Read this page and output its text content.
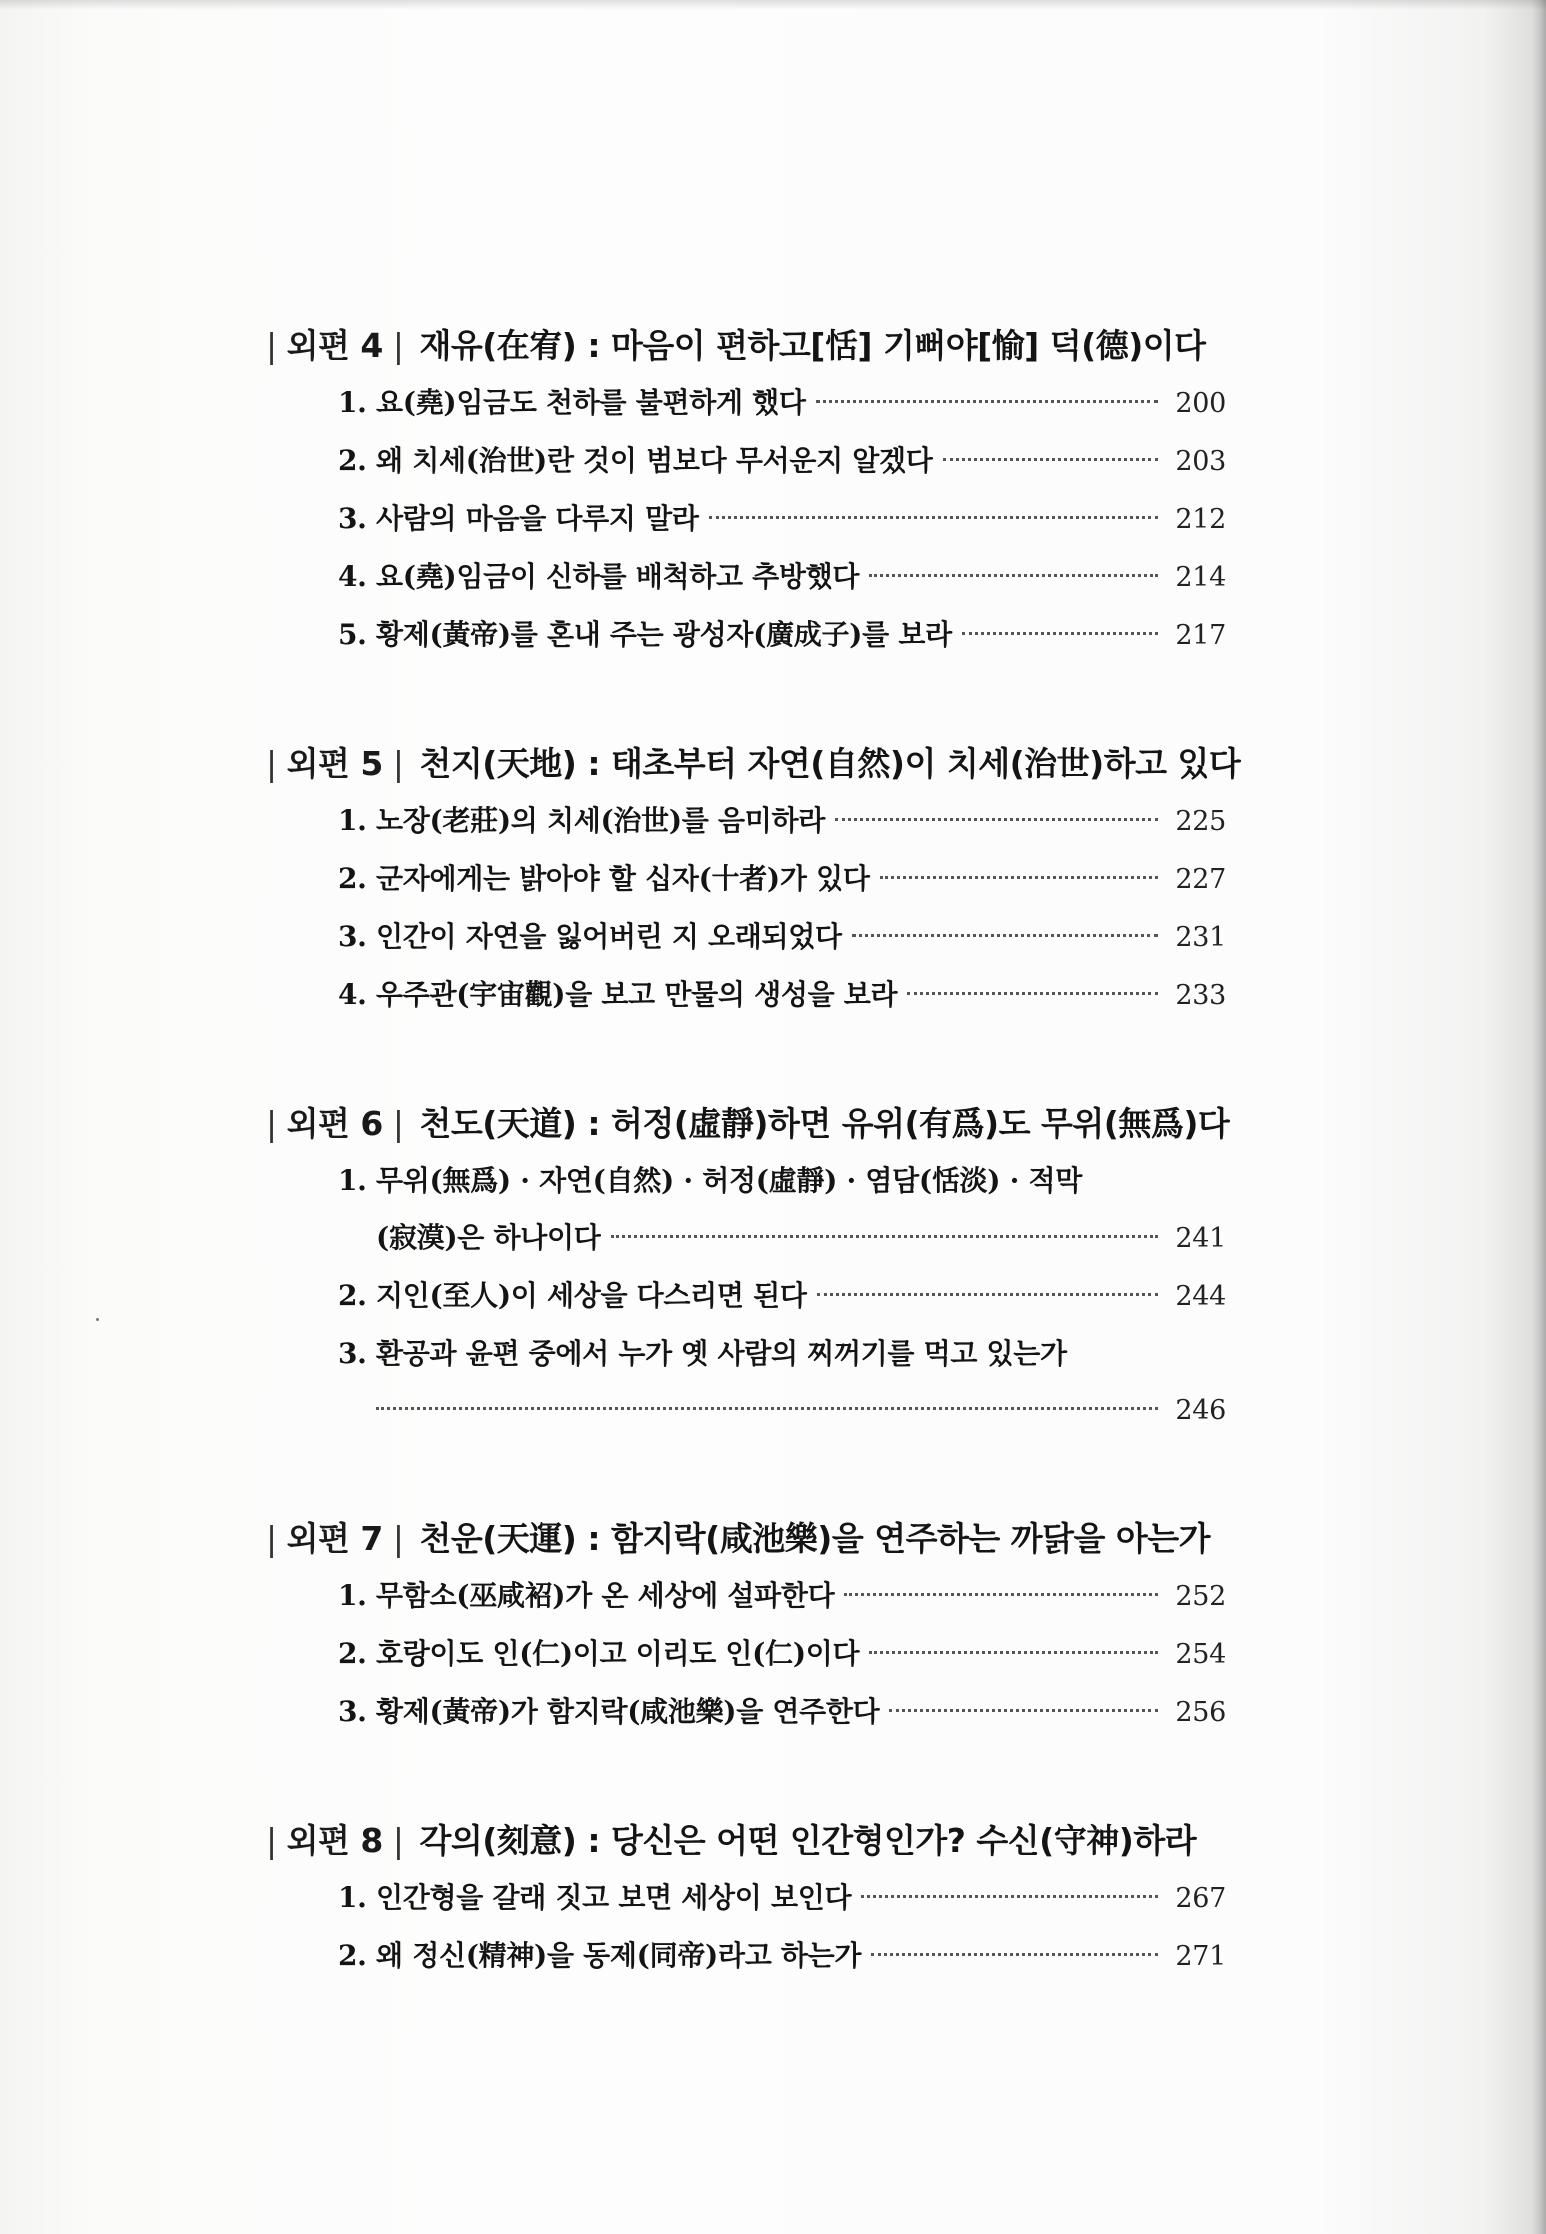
| 외편 4 | 재유(在宥) : 마음이 편하고[恬] 기뻐야[愉] 덕(德)이다
1. 요(堯)임금도 천하를 불편하게 했다	200
2. 왜 치세(治世)란 것이 범보다 무서운지 알겠다	203
3. 사람의 마음을 다루지 말라	212
4. 요(堯)임금이 신하를 배척하고 추방했다	214
5. 황제(黃帝)를 혼내 주는 광성자(廣成子)를 보라	217
| 외편 5 | 천지(天地) : 태초부터 자연(自然)이 치세(治世)하고 있다
1. 노장(老莊)의 치세(治世)를 음미하라	225
2. 군자에게는 밝아야 할 십자(十者)가 있다	227
3. 인간이 자연을 잃어버린 지 오래되었다	231
4. 우주관(宇宙觀)을 보고 만물의 생성을 보라	233
| 외편 6 | 천도(天道) : 허정(虛靜)하면 유위(有爲)도 무위(無爲)다
1. 무위(無爲) · 자연(自然) · 허정(虛靜) · 염담(恬淡) · 적막
(寂漠)은 하나이다	241
2. 지인(至人)이 세상을 다스리면 된다	244
3. 환공과 윤편 중에서 누가 옛 사람의 찌꺼기를 먹고 있는가
246
| 외편 7 | 천운(天運) : 함지락(咸池樂)을 연주하는 까닭을 아는가
1. 무함소(巫咸袑)가 온 세상에 설파한다	252
2. 호랑이도 인(仁)이고 이리도 인(仁)이다	254
3. 황제(黃帝)가 함지락(咸池樂)을 연주한다	256
| 외편 8 | 각의(刻意) : 당신은 어떤 인간형인가? 수신(守神)하라
1. 인간형을 갈래 짓고 보면 세상이 보인다	267
2. 왜 정신(精神)을 동제(同帝)라고 하는가	271
